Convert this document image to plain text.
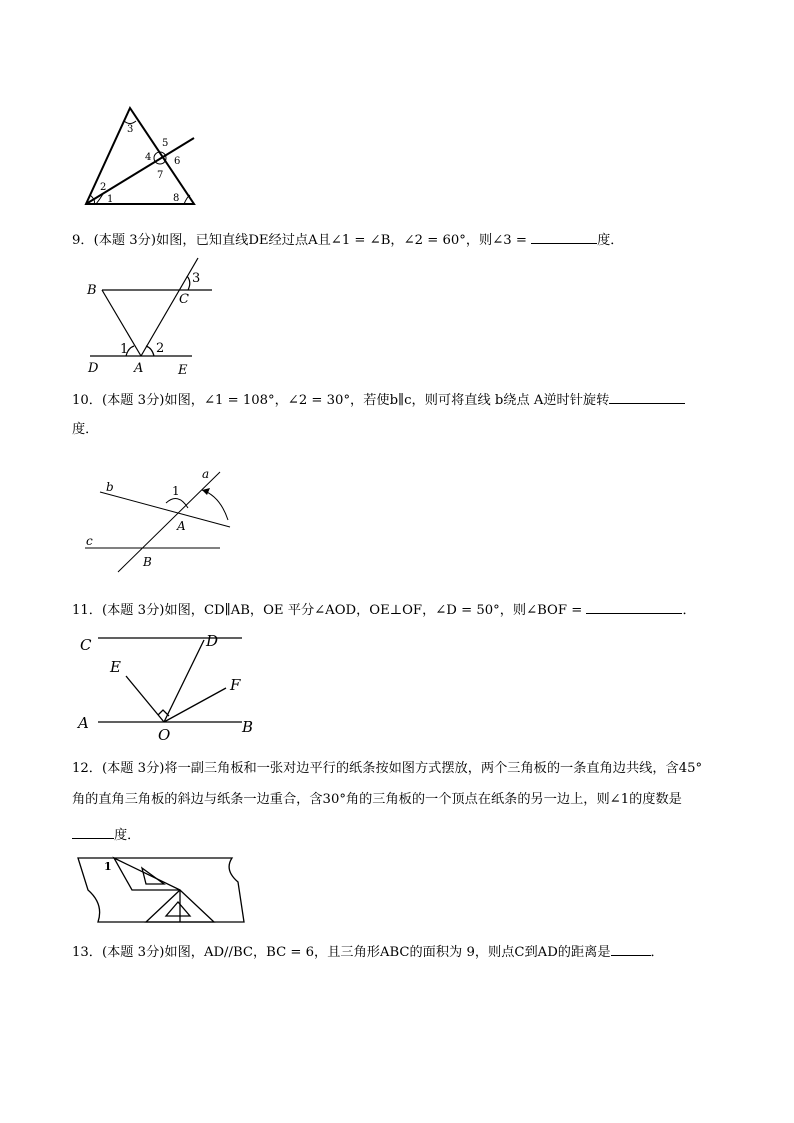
3
5
4 6
7
2
1	8
9．(本题 3分)如图，已知直线DE经过点A且∠1 = ∠B，∠2 = 60°，则∠3 =	度．
B
C
3
1 2
D	A	E
10．(本题 3分)如图，∠1 = 108°，∠2 = 30°，若使b∥c，则可将直线 b绕点 A逆时针旋转
度．
b	1
a
A
c
B
11．(本题 3分)如图，CD∥AB，OE 平分∠AOD，OE⊥OF，∠D = 50°，则∠BOF =	．
C	D
E
F
A
O	B
12．(本题 3分)将一副三角板和一张对边平行的纸条按如图方式摆放，两个三角板的一条直角边共线，含45°
角的直角三角板的斜边与纸条一边重合，含30°角的三角板的一个顶点在纸条的另一边上，则∠1的度数是
度．
1
13．(本题 3分)如图，AD//BC，BC = 6，且三角形ABC的面积为 9，则点C到AD的距离是	．
